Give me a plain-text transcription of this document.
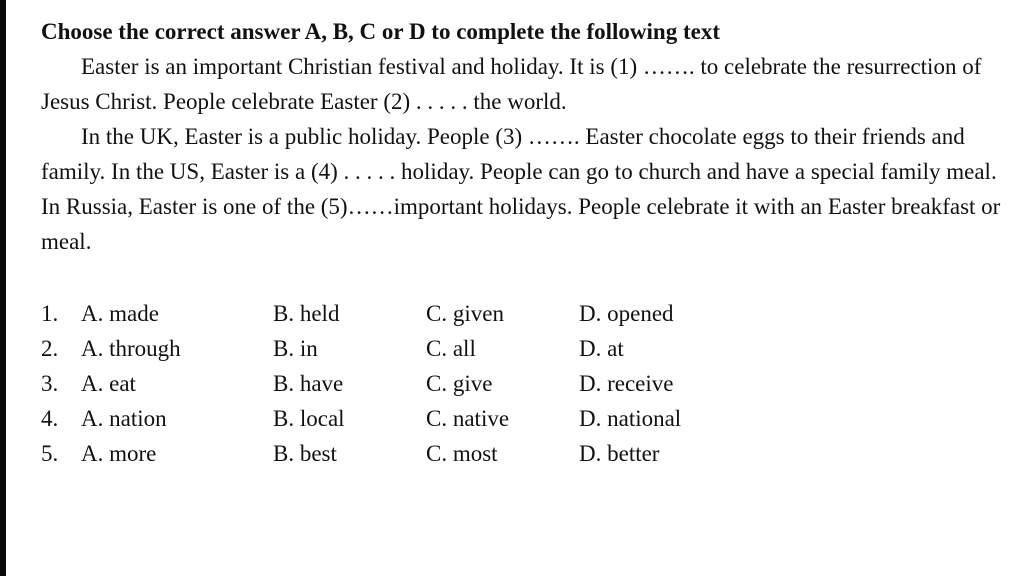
Choose the correct answer A, B, C or D to complete the following text

Easter is an important Christian festival and holiday. It is (1) ……. to celebrate the resurrection of Jesus Christ. People celebrate Easter (2) . . . . . the world.

In the UK, Easter is a public holiday. People (3) ……. Easter chocolate eggs to their friends and family. In the US, Easter is a (4) . . . . . holiday. People can go to church and have a special family meal. In Russia, Easter is one of the (5)……important holidays. People celebrate it with an Easter breakfast or meal.

1. A. made	B. held	C. given	D. opened
2. A. through	B. in	C. all	D. at
3. A. eat	B. have	C. give	D. receive
4. A. nation	B. local	C. native	D. national
5. A. more	B. best	C. most	D. better
